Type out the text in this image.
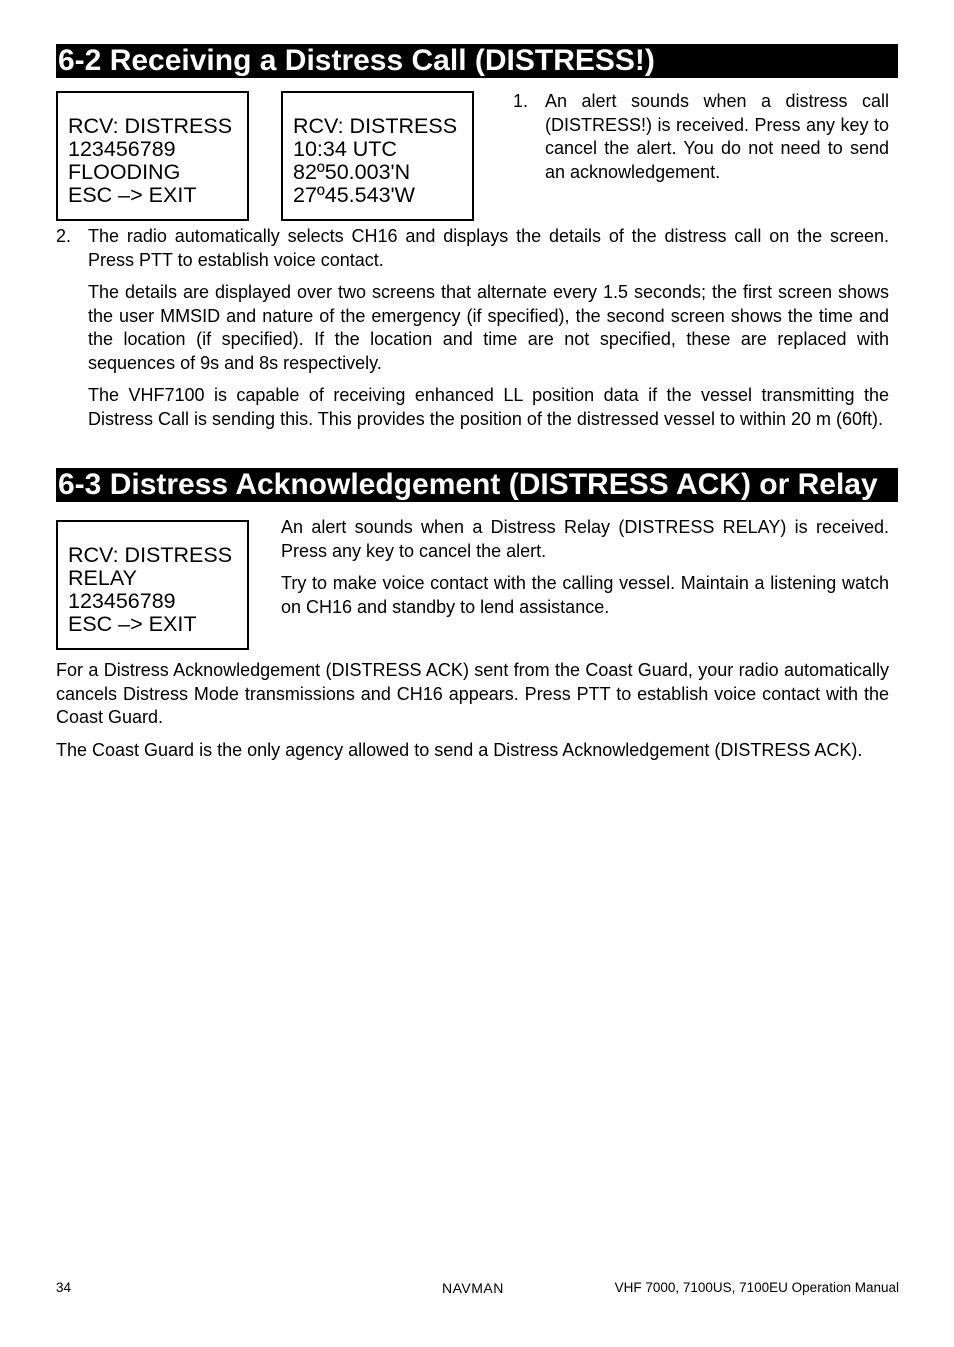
6-2 Receiving a Distress Call (DISTRESS!)
RCV: DISTRESS
123456789
FLOODING
ESC –> EXIT
RCV: DISTRESS
10:34 UTC
82º50.003'N
27º45.543'W
1. An alert sounds when a distress call (DISTRESS!) is received. Press any key to cancel the alert. You do not need to send an acknowledgement.
2. The radio automatically selects CH16 and displays the details of the distress call on the screen. Press PTT to establish voice contact.
The details are displayed over two screens that alternate every 1.5 seconds; the first screen shows the user MMSID and nature of the emergency (if specified), the second screen shows the time and the location (if specified). If the location and time are not specified, these are replaced with sequences of 9s and 8s respectively.
The VHF7100 is capable of receiving enhanced LL position data if the vessel transmitting the Distress Call is sending this. This provides the position of the distressed vessel to within 20 m (60ft).
6-3 Distress Acknowledgement (DISTRESS ACK) or Relay
RCV: DISTRESS
RELAY
123456789
ESC –> EXIT
An alert sounds when a Distress Relay (DISTRESS RELAY) is received. Press any key to cancel the alert.
Try to make voice contact with the calling vessel. Maintain a listening watch on CH16 and standby to lend assistance.
For a Distress Acknowledgement (DISTRESS ACK) sent from the Coast Guard, your radio automatically cancels Distress Mode transmissions and CH16 appears. Press PTT to establish voice contact with the Coast Guard.
The Coast Guard is the only agency allowed to send a Distress Acknowledgement (DISTRESS ACK).
34	NAVMAN	VHF 7000, 7100US, 7100EU Operation Manual
